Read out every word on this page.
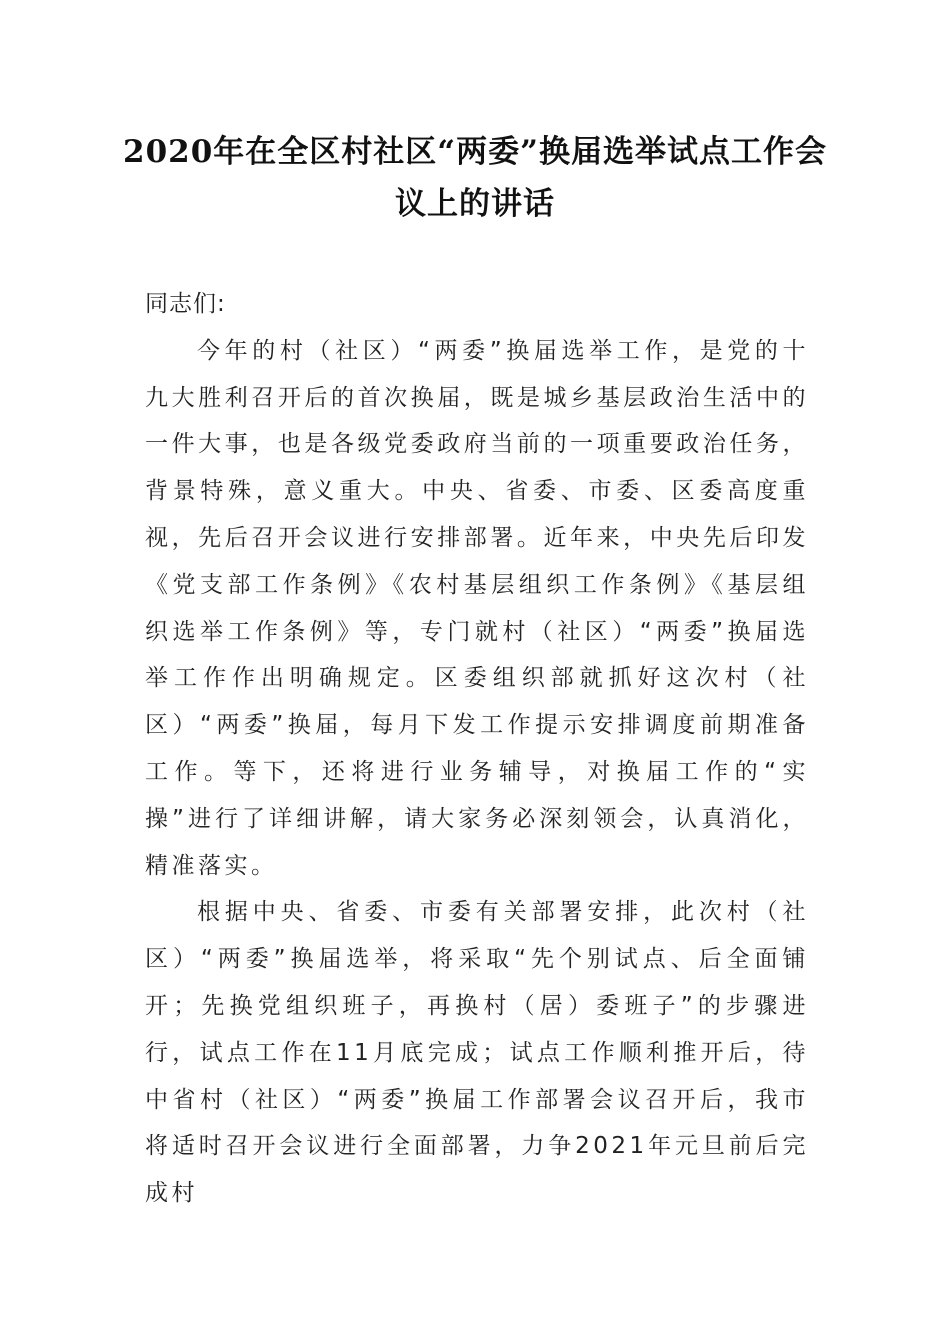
2020年在全区村社区“两委”换届选举试点工作会议上的讲话

同志们:

今年的村（社区）“两委”换届选举工作，是党的十九大胜利召开后的首次换届，既是城乡基层政治生活中的一件大事，也是各级党委政府当前的一项重要政治任务，背景特殊，意义重大。中央、省委、市委、区委高度重视，先后召开会议进行安排部署。近年来，中央先后印发《党支部工作条例》《农村基层组织工作条例》《基层组织选举工作条例》等，专门就村（社区）“两委”换届选举工作作出明确规定。区委组织部就抓好这次村（社区）“两委”换届，每月下发工作提示安排调度前期准备工作。等下，还将进行业务辅导，对换届工作的“实操”进行了详细讲解，请大家务必深刻领会，认真消化，精准落实。

根据中央、省委、市委有关部署安排，此次村（社区）“两委”换届选举，将采取“先个别试点、后全面铺开；先换党组织班子，再换村（居）委班子”的步骤进行，试点工作在11月底完成；试点工作顺利推开后，待中省村（社区）“两委”换届工作部署会议召开后，我市将适时召开会议进行全面部署，力争2021年元旦前后完成村
